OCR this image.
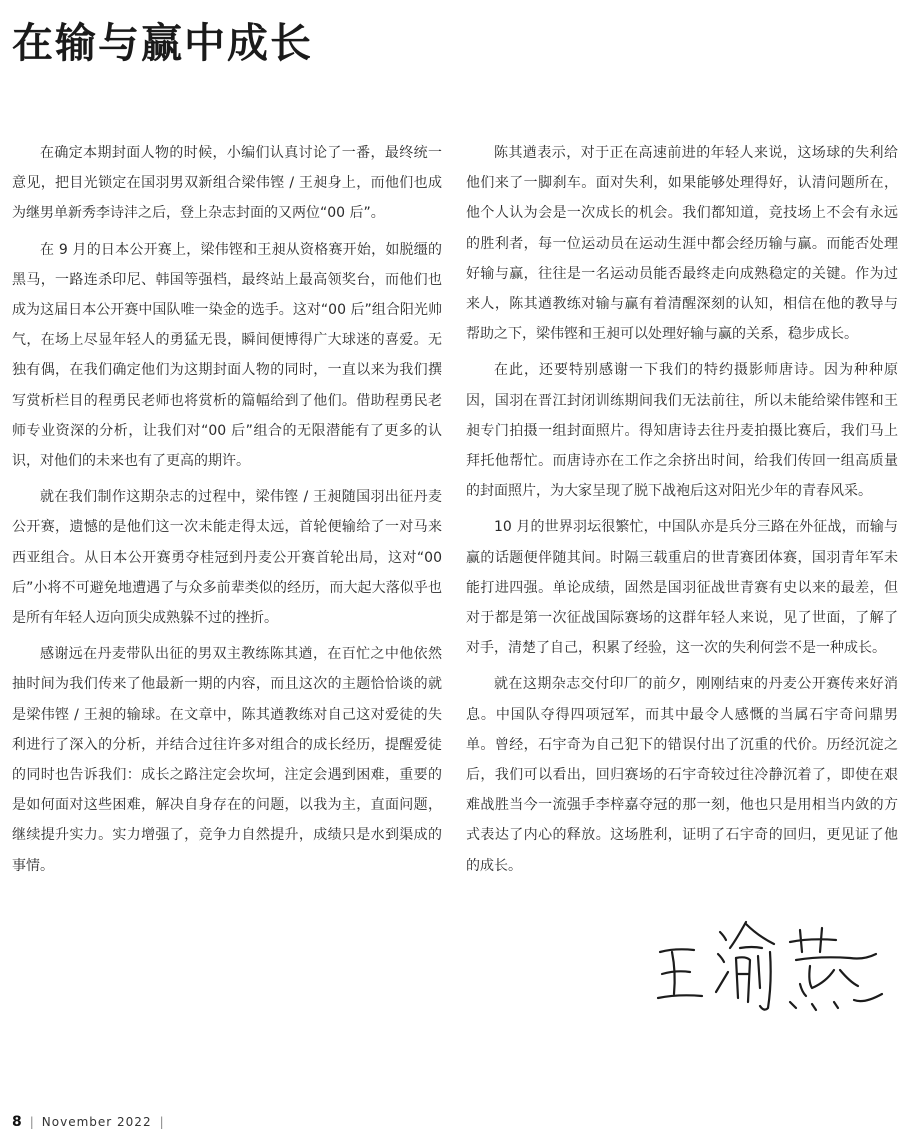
在输与赢中成长

在确定本期封面人物的时候，小编们认真讨论了一番，最终统一意见，把目光锁定在国羽男双新组合梁伟铿 / 王昶身上，而他们也成为继男单新秀李诗沣之后，登上杂志封面的又两位“00 后”。

在 9 月的日本公开赛上，梁伟铿和王昶从资格赛开始，如脱缰的黑马，一路连杀印尼、韩国等强档，最终站上最高领奖台，而他们也成为这届日本公开赛中国队唯一染金的选手。这对“00 后”组合阳光帅气，在场上尽显年轻人的勇猛无畏，瞬间便博得广大球迷的喜爱。无独有偶，在我们确定他们为这期封面人物的同时，一直以来为我们撰写赏析栏目的程勇民老师也将赏析的篇幅给到了他们。借助程勇民老师专业资深的分析，让我们对“00 后”组合的无限潜能有了更多的认识，对他们的未来也有了更高的期许。

就在我们制作这期杂志的过程中，梁伟铿 / 王昶随国羽出征丹麦公开赛，遗憾的是他们这一次未能走得太远，首轮便输给了一对马来西亚组合。从日本公开赛勇夺桂冠到丹麦公开赛首轮出局，这对“00 后”小将不可避免地遭遇了与众多前辈类似的经历，而大起大落似乎也是所有年轻人迈向顶尖成熟躲不过的挫折。

感谢远在丹麦带队出征的男双主教练陈其遒，在百忙之中他依然抽时间为我们传来了他最新一期的内容，而且这次的主题恰恰谈的就是梁伟铿 / 王昶的输球。在文章中，陈其遒教练对自己这对爱徒的失利进行了深入的分析，并结合过往许多对组合的成长经历，提醒爱徒的同时也告诉我们：成长之路注定会坎坷，注定会遇到困难，重要的是如何面对这些困难，解决自身存在的问题，以我为主，直面问题，继续提升实力。实力增强了，竞争力自然提升，成绩只是水到渠成的事情。

陈其遒表示，对于正在高速前进的年轻人来说，这场球的失利给他们来了一脚刹车。面对失利，如果能够处理得好，认清问题所在，他个人认为会是一次成长的机会。我们都知道，竞技场上不会有永远的胜利者，每一位运动员在运动生涯中都会经历输与赢。而能否处理好输与赢，往往是一名运动员能否最终走向成熟稳定的关键。作为过来人，陈其遒教练对输与赢有着清醒深刻的认知，相信在他的教导与帮助之下，梁伟铿和王昶可以处理好输与赢的关系，稳步成长。

在此，还要特别感谢一下我们的特约摄影师唐诗。因为种种原因，国羽在晋江封闭训练期间我们无法前往，所以未能给梁伟铿和王昶专门拍摄一组封面照片。得知唐诗去往丹麦拍摄比赛后，我们马上拜托他帮忙。而唐诗亦在工作之余挤出时间，给我们传回一组高质量的封面照片，为大家呈现了脱下战袍后这对阳光少年的青春风采。

10 月的世界羽坛很繁忙，中国队亦是兵分三路在外征战，而输与赢的话题便伴随其间。时隔三载重启的世青赛团体赛，国羽青年军未能打进四强。单论成绩，固然是国羽征战世青赛有史以来的最差，但对于都是第一次征战国际赛场的这群年轻人来说，见了世面，了解了对手，清楚了自己，积累了经验，这一次的失利何尝不是一种成长。

就在这期杂志交付印厂的前夕，刚刚结束的丹麦公开赛传来好消息。中国队夺得四项冠军，而其中最令人感慨的当属石宇奇问鼎男单。曾经，石宇奇为自己犯下的错误付出了沉重的代价。历经沉淀之后，我们可以看出，回归赛场的石宇奇较过往冷静沉着了，即使在艰难战胜当今一流强手李梓嘉夺冠的那一刻，他也只是用相当内敛的方式表达了内心的释放。这场胜利，证明了石宇奇的回归，更见证了他的成长。

8 | November 2022 |
